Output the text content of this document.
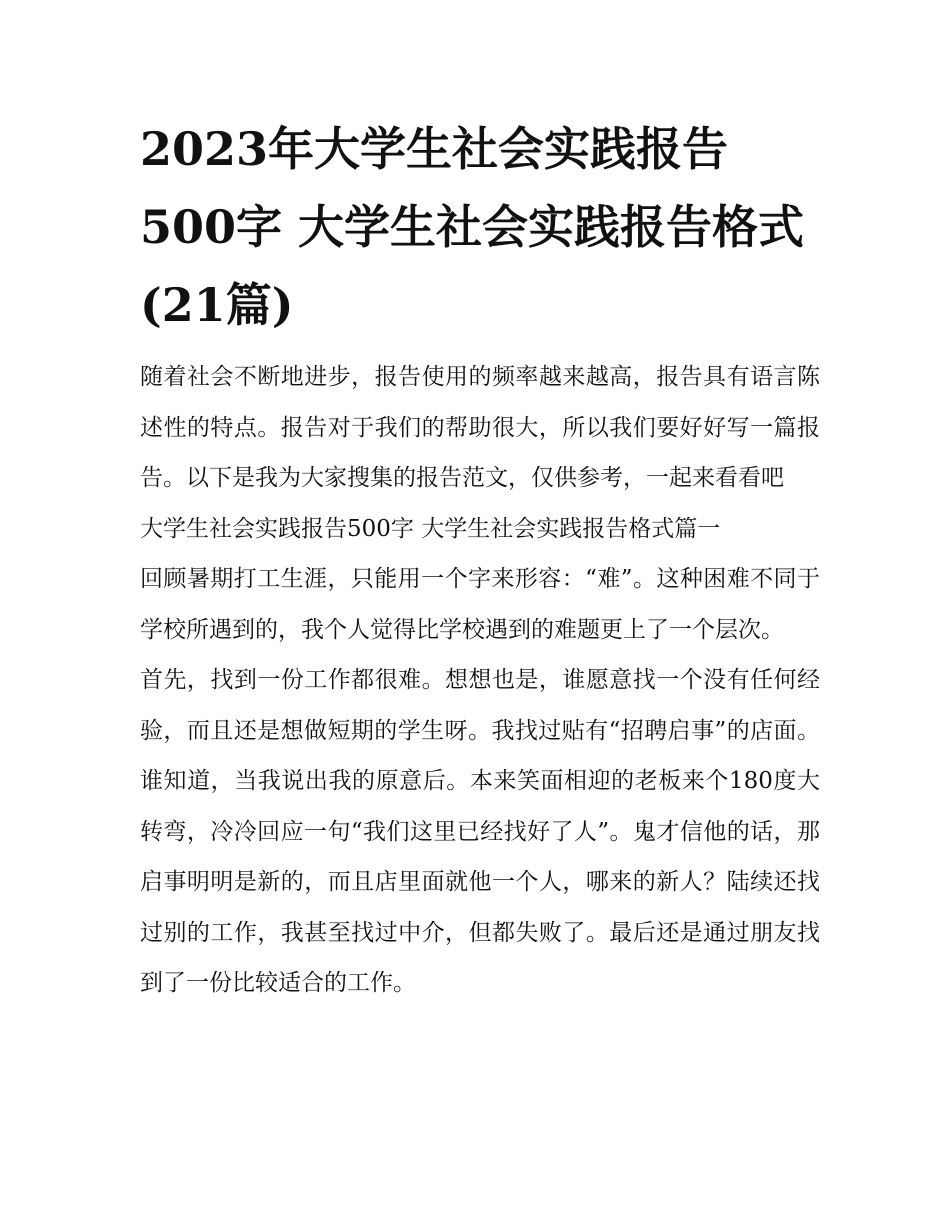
2023年大学生社会实践报告500字 大学生社会实践报告格式(21篇)

随着社会不断地进步，报告使用的频率越来越高，报告具有语言陈述性的特点。报告对于我们的帮助很大，所以我们要好好写一篇报告。以下是我为大家搜集的报告范文，仅供参考，一起来看看吧

大学生社会实践报告500字 大学生社会实践报告格式篇一

回顾暑期打工生涯，只能用一个字来形容：“难”。这种困难不同于学校所遇到的，我个人觉得比学校遇到的难题更上了一个层次。

首先，找到一份工作都很难。想想也是，谁愿意找一个没有任何经验，而且还是想做短期的学生呀。我找过贴有“招聘启事”的店面。谁知道，当我说出我的原意后。本来笑面相迎的老板来个180度大转弯，冷冷回应一句“我们这里已经找好了人”。鬼才信他的话，那启事明明是新的，而且店里面就他一个人，哪来的新人？陆续还找过别的工作，我甚至找过中介，但都失败了。最后还是通过朋友找到了一份比较适合的工作。
